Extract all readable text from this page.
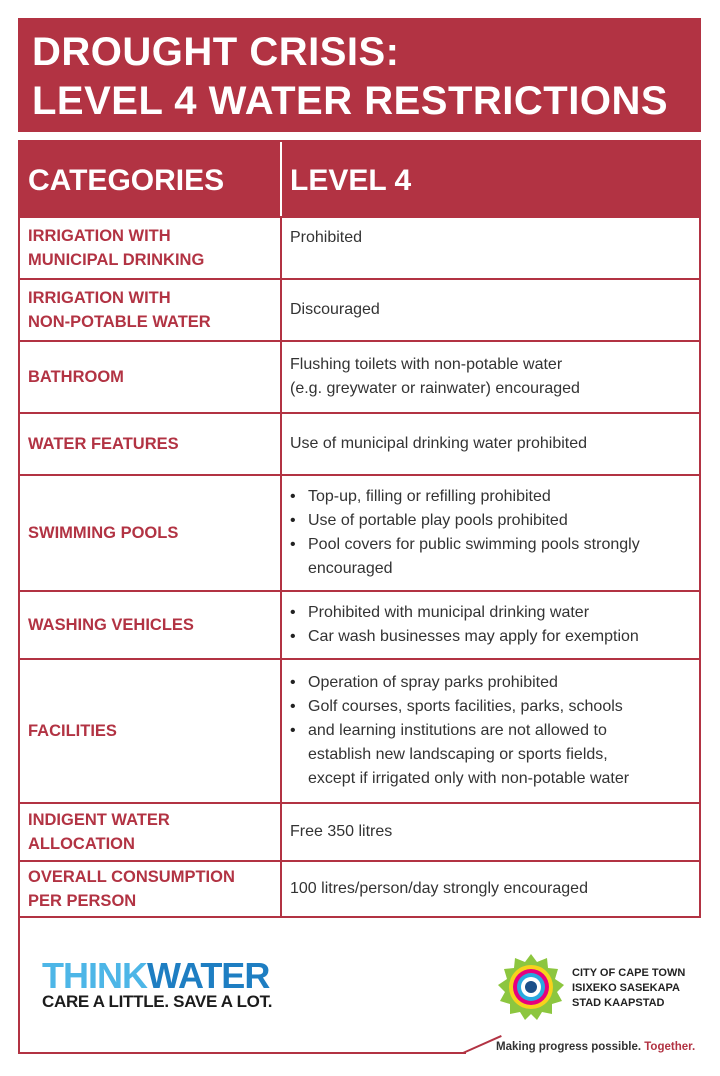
DROUGHT CRISIS:
LEVEL 4 WATER RESTRICTIONS
CATEGORIES LEVEL 4
IRRIGATION WITH
MUNICIPAL DRINKING
Prohibited
IRRIGATION WITH
NON-POTABLE WATER
Discouraged
BATHROOM
Flushing toilets with non-potable water
(e.g. greywater or rainwater) encouraged
WATER FEATURES	Use of municipal drinking water prohibited
SWIMMING POOLS
• Top-up, filling or refilling prohibited
• Use of portable play pools prohibited
• Pool covers for public swimming pools strongly
encouraged
WASHING VEHICLES
• Prohibited with municipal drinking water
• Car wash businesses may apply for exemption
FACILITIES
• Operation of spray parks prohibited
• Golf courses, sports facilities, parks, schools
• and learning institutions are not allowed to
establish new landscaping or sports fields,
except if irrigated only with non-potable water
INDIGENT WATER
ALLOCATION
Free 350 litres
OVERALL CONSUMPTION
PER PERSON
100 litres/person/day strongly encouraged
THINKWATER
CARE A LITTLE. SAVE A LOT.
CITY OF CAPE TOWN
ISIXEKO SASEKAPA
STAD KAAPSTAD
Making progress possible. Together.
